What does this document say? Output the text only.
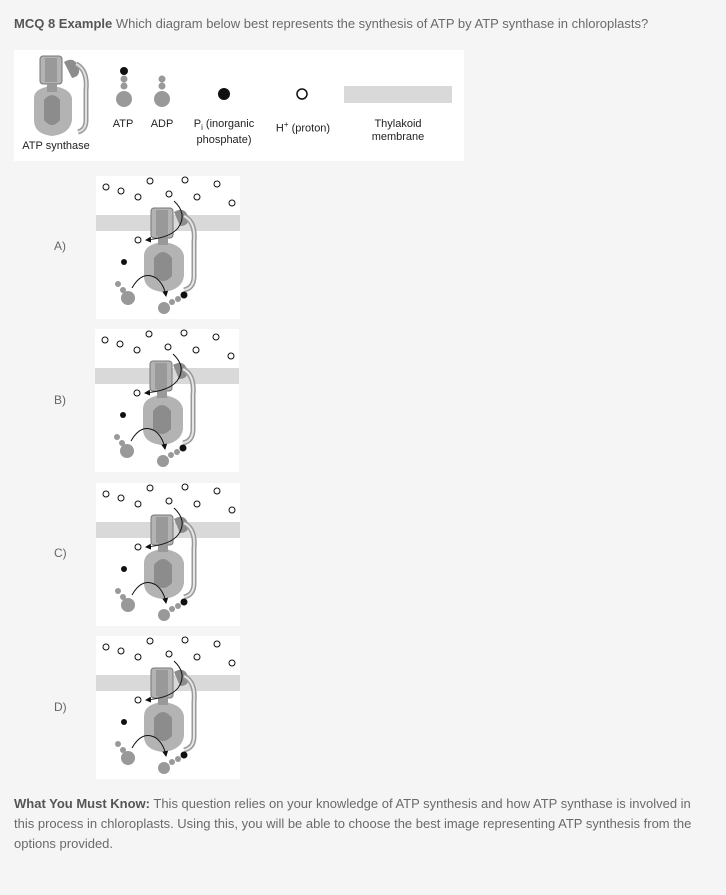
MCQ 8 Example Which diagram below best represents the synthesis of ATP by ATP synthase in chloroplasts?
ATP synthase
ATP	ADP	$P_i$ (inorganic
phosphate)
H+ (proton)	Thylakoid
membrane
A)
B)
C)
D)
What You Must Know: This question relies on your knowledge of ATP synthesis and how ATP synthase is involved in this process in chloroplasts. Using this, you will be able to choose the best image representing ATP synthesis from the options provided.
